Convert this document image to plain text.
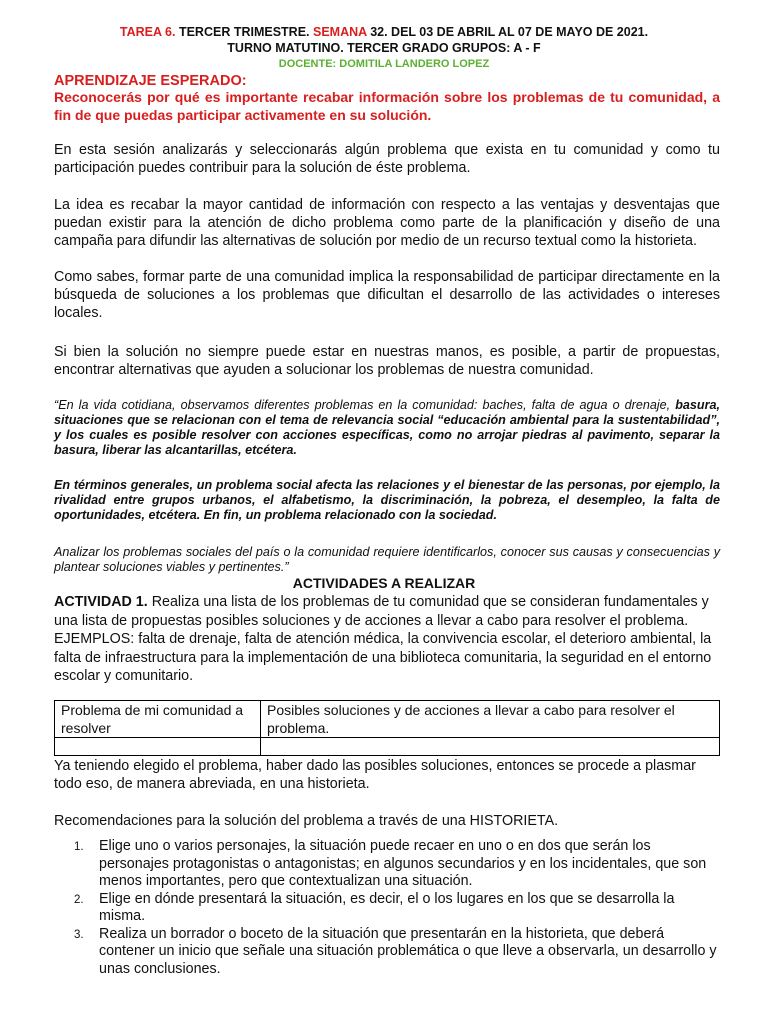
TAREA 6. TERCER TRIMESTRE. SEMANA 32. DEL 03 DE ABRIL AL 07 DE MAYO DE 2021.
TURNO MATUTINO. TERCER GRADO GRUPOS: A - F
DOCENTE: DOMITILA LANDERO LOPEZ
APRENDIZAJE ESPERADO:
Reconocerás por qué es importante recabar información sobre los problemas de tu comunidad, a fin de que puedas participar activamente en su solución.
En esta sesión analizarás y seleccionarás algún problema que exista en tu comunidad y como tu participación puedes contribuir para la solución de éste problema.
La idea es recabar la mayor cantidad de información con respecto a las ventajas y desventajas que puedan existir para la atención de dicho problema como parte de la planificación y diseño de una campaña para difundir las alternativas de solución por medio de un recurso textual como la historieta.
Como sabes, formar parte de una comunidad implica la responsabilidad de participar directamente en la búsqueda de soluciones a los problemas que dificultan el desarrollo de las actividades o intereses locales.
Si bien la solución no siempre puede estar en nuestras manos, es posible, a partir de propuestas, encontrar alternativas que ayuden a solucionar los problemas de nuestra comunidad.
“En la vida cotidiana, observamos diferentes problemas en la comunidad: baches, falta de agua o drenaje, basura, situaciones que se relacionan con el tema de relevancia social “educación ambiental para la sustentabilidad”, y los cuales es posible resolver con acciones específicas, como no arrojar piedras al pavimento, separar la basura, liberar las alcantarillas, etcétera.
En términos generales, un problema social afecta las relaciones y el bienestar de las personas, por ejemplo, la rivalidad entre grupos urbanos, el alfabetismo, la discriminación, la pobreza, el desempleo, la falta de oportunidades, etcétera. En fin, un problema relacionado con la sociedad.
Analizar los problemas sociales del país o la comunidad requiere identificarlos, conocer sus causas y consecuencias y plantear soluciones viables y pertinentes.”
ACTIVIDADES A REALIZAR
ACTIVIDAD 1. Realiza una lista de los problemas de tu comunidad que se consideran fundamentales y una lista de propuestas posibles soluciones y de acciones a llevar a cabo para resolver el problema. EJEMPLOS: falta de drenaje, falta de atención médica, la convivencia escolar, el deterioro ambiental, la falta de infraestructura para la implementación de una biblioteca comunitaria, la seguridad en el entorno escolar y comunitario.
Problema de mi comunidad a resolver	Posibles soluciones y de acciones a llevar a cabo para resolver el problema.

Ya teniendo elegido el problema, haber dado las posibles soluciones, entonces se procede a plasmar todo eso, de manera abreviada, en una historieta.
Recomendaciones para la solución del problema a través de una HISTORIETA.
1. Elige uno o varios personajes, la situación puede recaer en uno o en dos que serán los personajes protagonistas o antagonistas; en algunos secundarios y en los incidentales, que son menos importantes, pero que contextualizan una situación.
2. Elige en dónde presentará la situación, es decir, el o los lugares en los que se desarrolla la misma.
3. Realiza un borrador o boceto de la situación que presentarán en la historieta, que deberá contener un inicio que señale una situación problemática o que lleve a observarla, un desarrollo y unas conclusiones.
